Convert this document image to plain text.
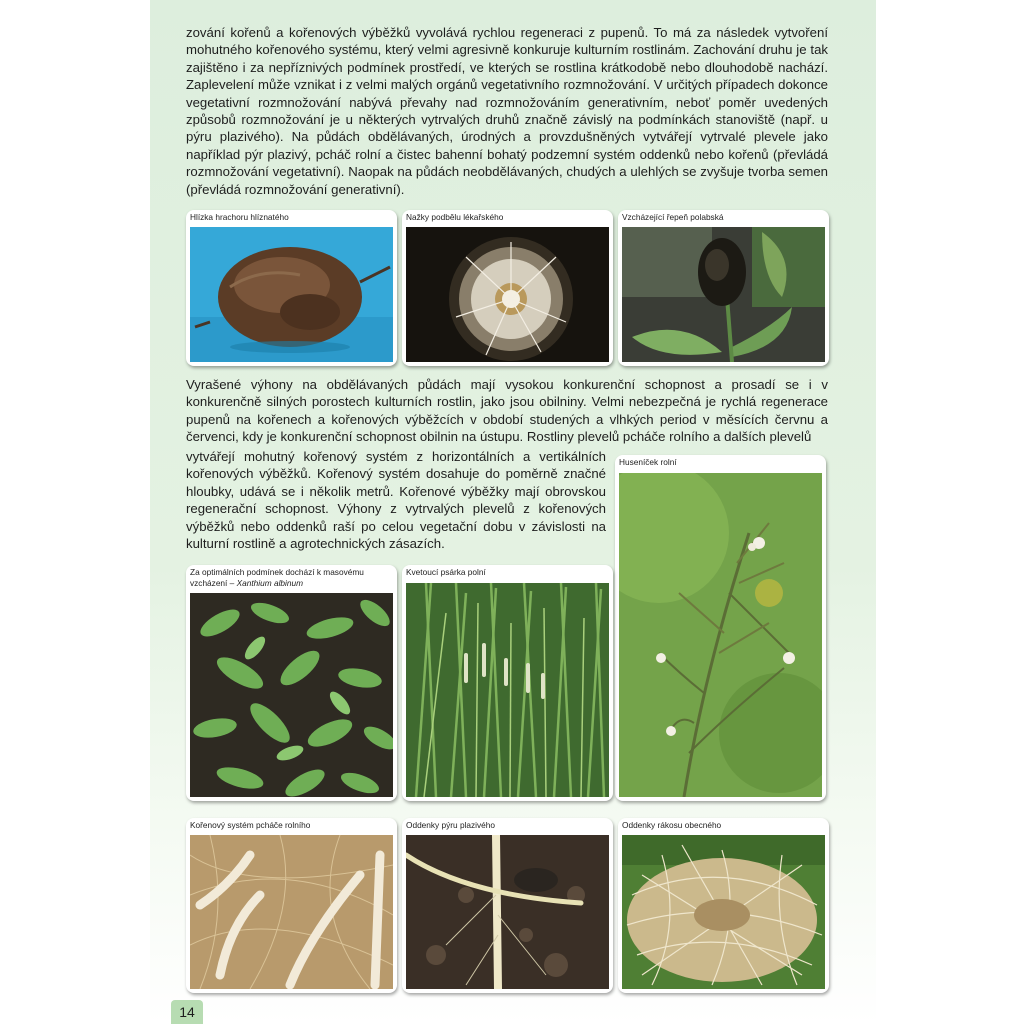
zování kořenů a kořenových výběžků vyvolává rychlou regeneraci z pupenů. To má za následek vytvoření mohutného kořenového systému, který velmi agresivně konkuruje kulturním rostlinám. Zachování druhu je tak zajištěno i za nepříznivých podmínek prostředí, ve kterých se rostlina krátkodobě nebo dlouhodobě nachází. Zaplevelení může vznikat i z velmi malých orgánů vegetativního rozmnožování. V určitých případech dokonce vegetativní rozmnožování nabývá převahy nad rozmnožováním generativním, neboť poměr uvedených způsobů rozmnožování je u některých vytrvalých druhů značně závislý na podmínkách stanoviště (např. u pýru plazivého). Na půdách obdělávaných, úrodných a provzdušněných vytvářejí vytrvalé plevele jako například pýr plazivý, pcháč rolní a čistec bahenní bohatý podzemní systém oddenků nebo kořenů (převládá rozmnožování vegetativní). Naopak na půdách neobdělávaných, chudých a ulehlých se zvyšuje tvorba semen (převládá rozmnožování generativní).

Hlízka hrachoru hlíznatého	Nažky podbělu lékařského	Vzcházející řepeň polabská

Vyrašené výhony na obdělávaných půdách mají vysokou konkurenční schopnost a prosadí se i v konkurenčně silných porostech kulturních rostlin, jako jsou obilniny. Velmi nebezpečná je rychlá regenerace pupenů na kořenech a kořenových výběžcích v období studených a vlhkých period v měsících červnu a červenci, kdy je konkurenční schopnost obilnin na ústupu. Rostliny plevelů pcháče rolního a dalších plevelů

vytvářejí mohutný kořenový systém z horizontálních a vertikálních kořenových výběžků. Kořenový systém dosahuje do poměrně značné hloubky, udává se i několik metrů. Kořenové výběžky mají obrovskou regenerační schopnost. Výhony z vytrvalých plevelů z kořenových výběžků nebo oddenků raší po celou vegetační dobu v závislosti na kulturní rostlině a agrotechnických zásazích.

Huseníček rolní
Za optimálních podmínek dochází k masovému vzcházení – Xanthium albinum
Kvetoucí psárka polní
Kořenový systém pcháče rolního	Oddenky pýru plazivého	Oddenky rákosu obecného
14
